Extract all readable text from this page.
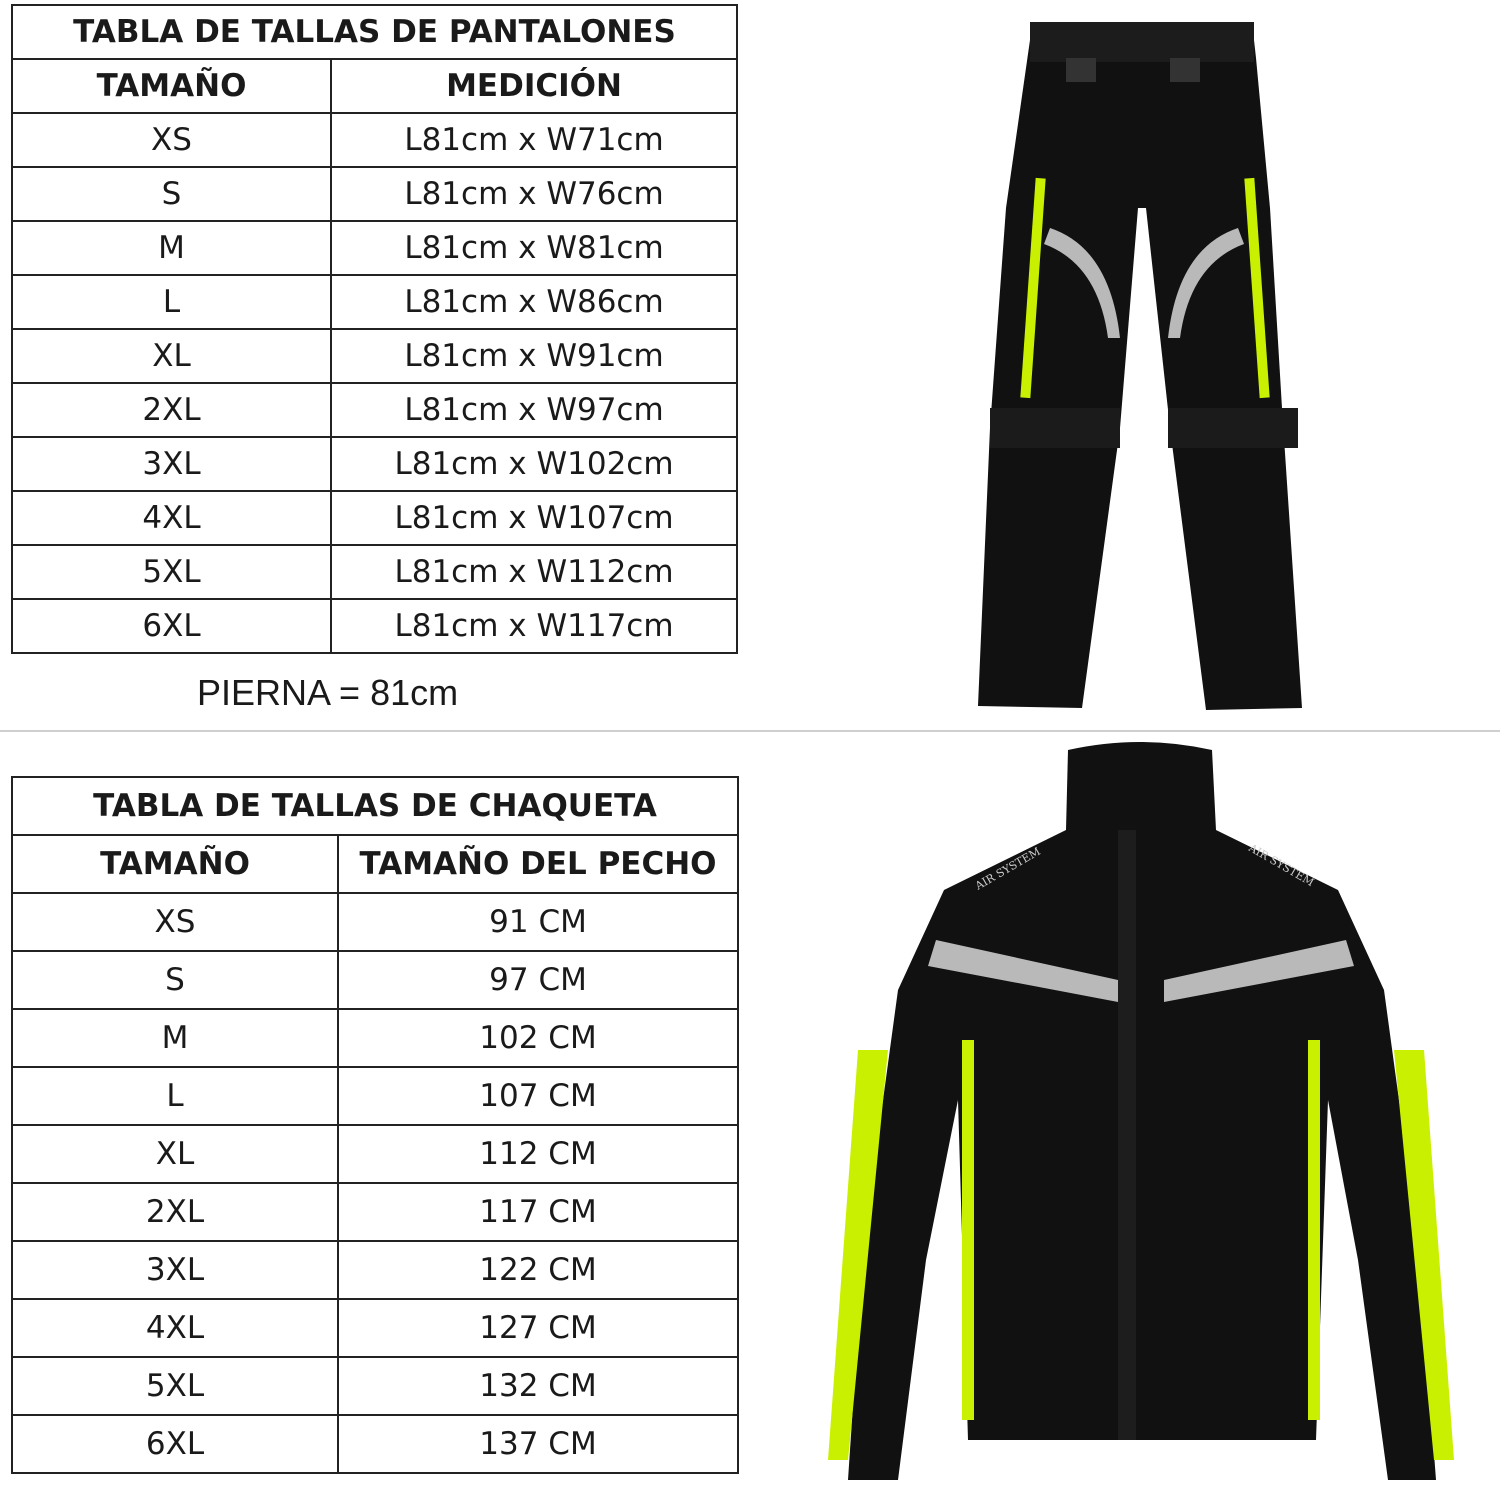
TABLA DE TALLAS DE PANTALONES	
TAMAÑO	MEDICIÓN
XS	L81cm x W71cm
S	L81cm x W76cm
M	L81cm x W81cm
L	L81cm x W86cm
XL	L81cm x W91cm
2XL	L81cm x W97cm
3XL	L81cm x W102cm
4XL	L81cm x W107cm
5XL	L81cm x W112cm
6XL	L81cm x W117cm
PIERNA = 81cm
TABLA DE TALLAS DE CHAQUETA	
TAMAÑO	TAMAÑO DEL PECHO
XS	91 CM
S	97 CM
M	102 CM
L	107 CM
XL	112 CM
2XL	117 CM
3XL	122 CM
4XL	127 CM
5XL	132 CM
6XL	137 CM
AIR SYSTEM	AIR SYSTEM
